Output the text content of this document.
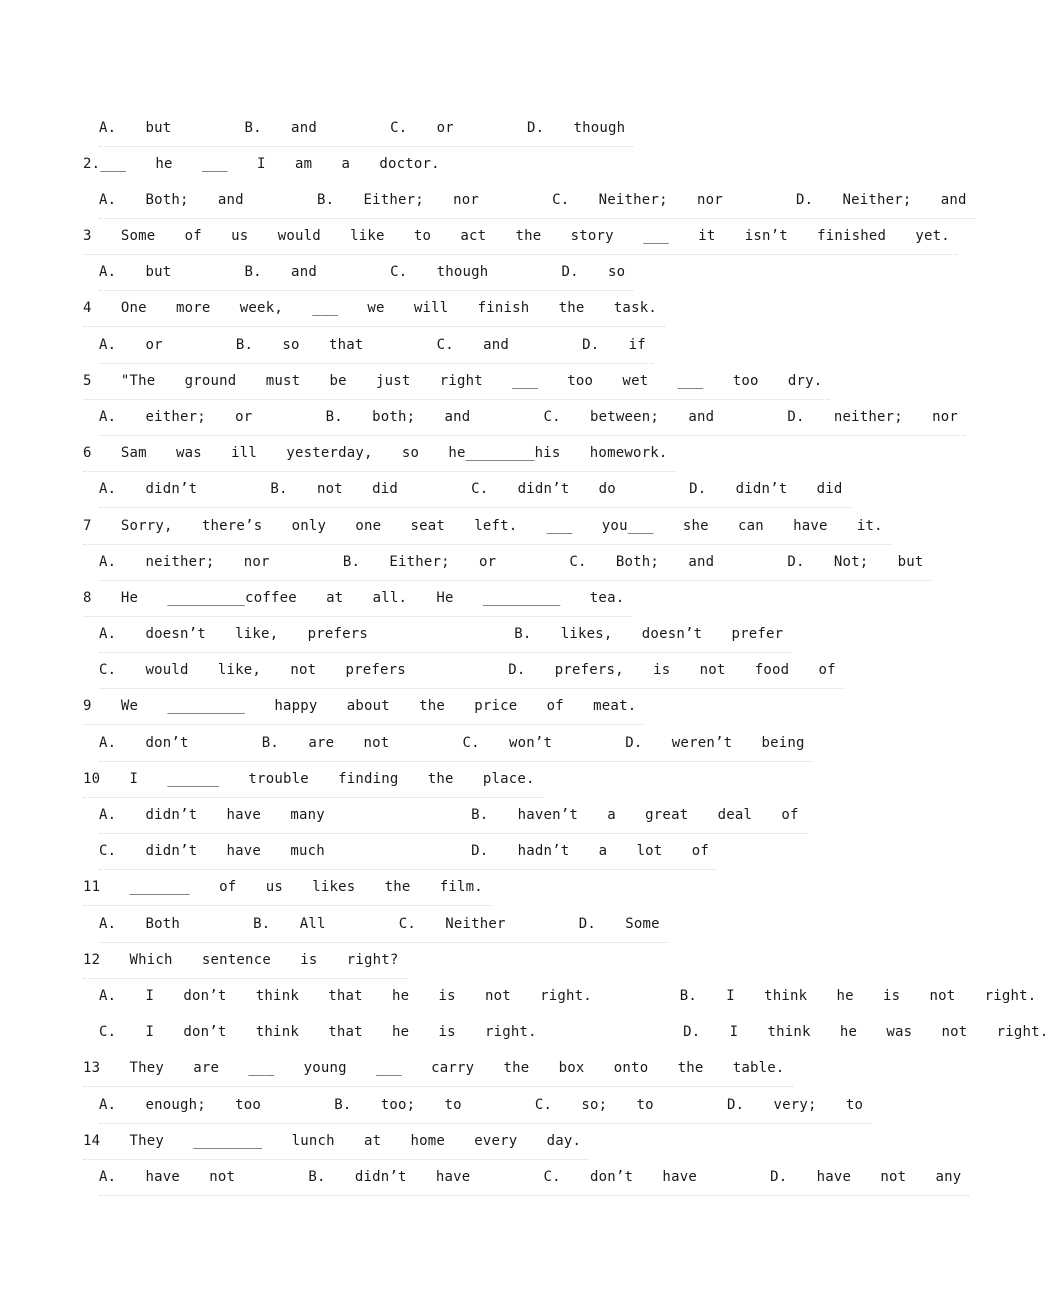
A.  but     B.  and     C.  or     D.  though
2.___  he  ___  I  am  a  doctor.
A.  Both;  and     B.  Either;  nor     C.  Neither;  nor     D.  Neither;  and
3  Some  of  us  would  like  to  act  the  story  ___  it  isn’t  finished  yet.
A.  but     B.  and     C.  though     D.  so
4  One  more  week,  ___  we  will  finish  the  task.
A.  or     B.  so  that     C.  and     D.  if
5  "The  ground  must  be  just  right  ___  too  wet  ___  too  dry.
A.  either;  or     B.  both;  and     C.  between;  and     D.  neither;  nor
6  Sam  was  ill  yesterday,  so  he________his  homework.
A.  didn’t     B.  not  did     C.  didn’t  do     D.  didn’t  did
7  Sorry,  there’s  only  one  seat  left.  ___  you___  she  can  have  it.
A.  neither;  nor     B.  Either;  or     C.  Both;  and     D.  Not;  but
8  He  _________coffee  at  all.  He  _________  tea.
A.  doesn’t  like,  prefers          B.  likes,  doesn’t  prefer
C.  would  like,  not  prefers       D.  prefers,  is  not  food  of
9  We  _________  happy  about  the  price  of  meat.
A.  don’t     B.  are  not     C.  won’t     D.  weren’t  being
10  I  ______  trouble  finding  the  place.
A.  didn’t  have  many          B.  haven’t  a  great  deal  of
C.  didn’t  have  much          D.  hadn’t  a  lot  of
11  _______  of  us  likes  the  film.
A.  Both     B.  All     C.  Neither     D.  Some
12  Which  sentence  is  right?
A.  I  don’t  think  that  he  is  not  right.      B.  I  think  he  is  not  right.
C.  I  don’t  think  that  he  is  right.          D.  I  think  he  was  not  right.
13  They  are  ___  young  ___  carry  the  box  onto  the  table.
A.  enough;  too     B.  too;  to     C.  so;  to     D.  very;  to
14  They  ________  lunch  at  home  every  day.
A.  have  not     B.  didn’t  have     C.  don’t  have     D.  have  not  any
